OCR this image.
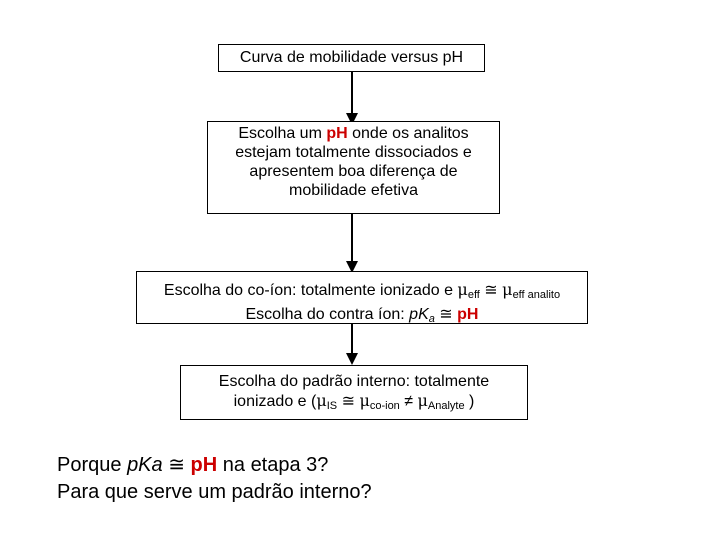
Curva de mobilidade versus pH
Escolha um pH onde os analitos estejam totalmente dissociados e apresentem boa diferença de mobilidade efetiva
Escolha do co-íon: totalmente ionizado e $\mu_{eff}$ ≅ $\mu_{eff analito}$
Escolha do contra íon: $pK_a$ ≅ pH
Escolha do padrão interno: totalmente
ionizado e ($\mu_{IS}$ ≅ $\mu_{co-ion} \ne \mu_{Analyte}$ )
Porque pKa ≅ pH na etapa 3?
Para que serve um padrão interno?
